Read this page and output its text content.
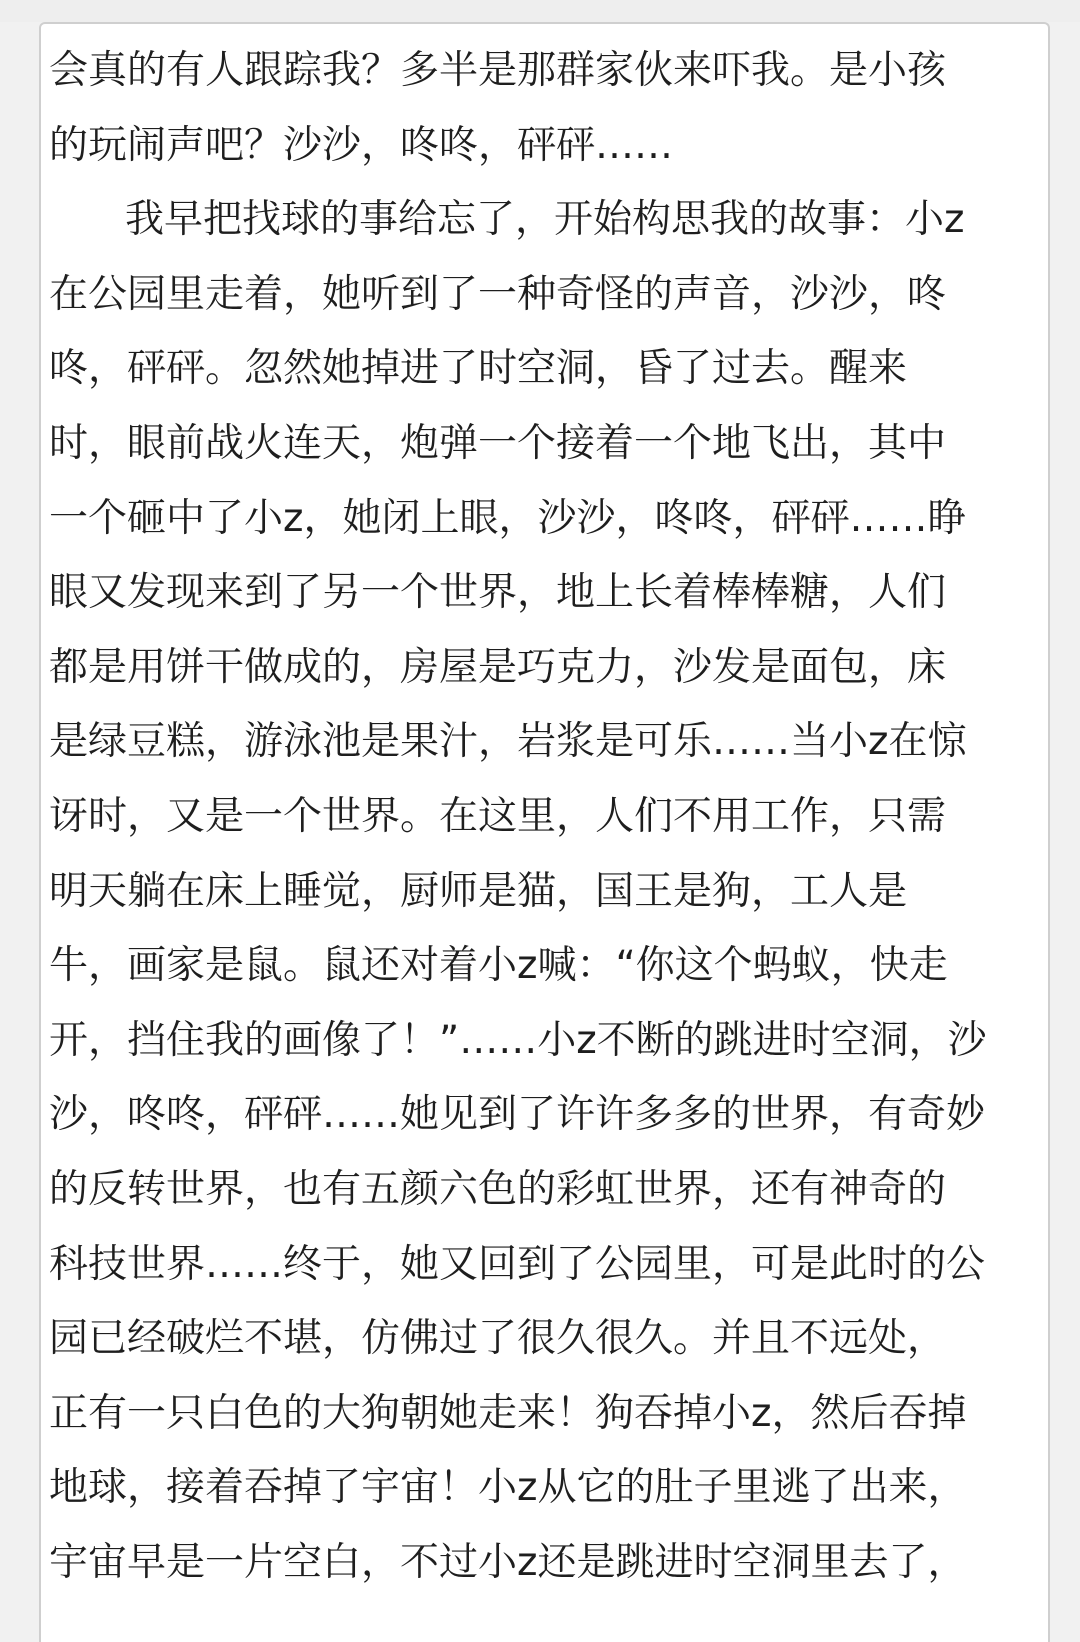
会真的有人跟踪我？多半是那群家伙来吓我。是小孩
的玩闹声吧？沙沙，咚咚，砰砰……
我早把找球的事给忘了，开始构思我的故事：小z
在公园里走着，她听到了一种奇怪的声音，沙沙，咚
咚，砰砰。忽然她掉进了时空洞，昏了过去。醒来
时，眼前战火连天，炮弹一个接着一个地飞出，其中
一个砸中了小z，她闭上眼，沙沙，咚咚，砰砰……睁
眼又发现来到了另一个世界，地上长着棒棒糖，人们
都是用饼干做成的，房屋是巧克力，沙发是面包，床
是绿豆糕，游泳池是果汁，岩浆是可乐……当小z在惊
讶时，又是一个世界。在这里，人们不用工作，只需
明天躺在床上睡觉，厨师是猫，国王是狗，工人是
牛，画家是鼠。鼠还对着小z喊：“你这个蚂蚁，快走
开，挡住我的画像了！”……小z不断的跳进时空洞，沙
沙，咚咚，砰砰……她见到了许许多多的世界，有奇妙
的反转世界，也有五颜六色的彩虹世界，还有神奇的
科技世界……终于，她又回到了公园里，可是此时的公
园已经破烂不堪，仿佛过了很久很久。并且不远处，
正有一只白色的大狗朝她走来！狗吞掉小z，然后吞掉
地球，接着吞掉了宇宙！小z从它的肚子里逃了出来，
宇宙早是一片空白，不过小z还是跳进时空洞里去了，
